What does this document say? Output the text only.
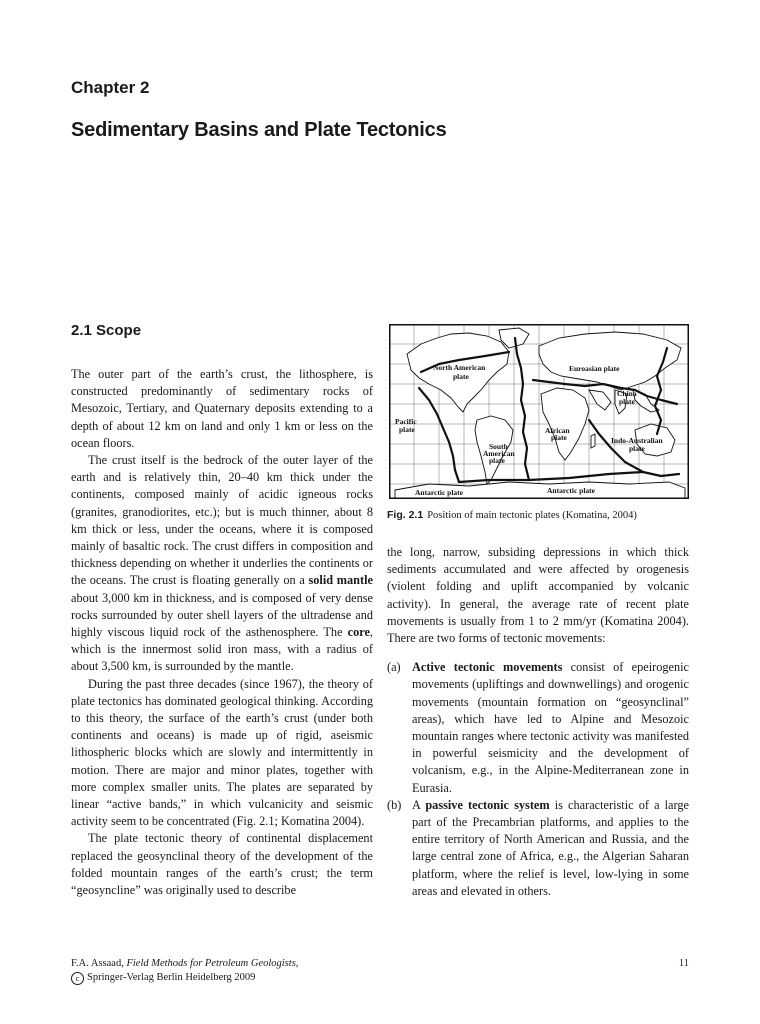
Chapter 2
Sedimentary Basins and Plate Tectonics
2.1 Scope

The outer part of the earth’s crust, the lithosphere, is constructed predominantly of sedimentary rocks of Mesozoic, Tertiary, and Quaternary deposits extending to a depth of about 12 km on land and only 1 km or less on the ocean floors.

The crust itself is the bedrock of the outer layer of the earth and is relatively thin, 20–40 km thick under the continents, composed mainly of acidic igneous rocks (granites, granodiorites, etc.); but is much thinner, about 8 km thick or less, under the oceans, where it is composed mainly of basaltic rock. The crust differs in composition and thickness depending on whether it underlies the continents or the oceans. The crust is floating generally on a solid mantle about 3,000 km in thickness, and is composed of very dense rocks surrounded by outer shell layers of the ultradense and highly viscous liquid rock of the asthenosphere. The core, which is the innermost solid iron mass, with a radius of about 3,500 km, is surrounded by the mantle.

During the past three decades (since 1967), the theory of plate tectonics has dominated geological thinking. According to this theory, the surface of the earth’s crust (under both continents and oceans) is made up of rigid, aseismic lithospheric blocks which are slowly and intermittently in motion. There are major and minor plates, together with more complex smaller units. The plates are separated by linear “active bands,” in which vulcanicity and seismic activity seem to be concentrated (Fig. 2.1; Komatina 2004).

The plate tectonic theory of continental displacement replaced the geosynclinal theory of the development of the folded mountain ranges of the earth’s crust; the term “geosyncline” was originally used to describe

North American
plate
Euroasian plate
China
plate
Pacific
plate	African
plate	Indo-Australian
plate
South
American
plate
Antarctic plate	Antarctic plate
Fig. 2.1 Position of main tectonic plates (Komatina, 2004)

the long, narrow, subsiding depressions in which thick sediments accumulated and were affected by orogenesis (violent folding and uplift accompanied by volcanic activity). In general, the average rate of recent plate movements is usually from 1 to 2 mm/yr (Komatina 2004). There are two forms of tectonic movements:

(a) Active tectonic movements consist of epeirogenic movements (upliftings and downwellings) and orogenic movements (mountain formation on “geosynclinal” areas), which have led to Alpine and Mesozoic mountain ranges where tectonic activity was manifested in powerful seismicity and the development of volcanism, e.g., in the Alpine-Mediterranean zone in Eurasia.
(b) A passive tectonic system is characteristic of a large part of the Precambrian platforms, and applies to the entire territory of North American and Russia, and the large central zone of Africa, e.g., the Algerian Saharan platform, where the relief is level, low-lying in some areas and elevated in others.
F.A. Assaad, Field Methods for Petroleum Geologists,
c Springer-Verlag Berlin Heidelberg 2009
11
